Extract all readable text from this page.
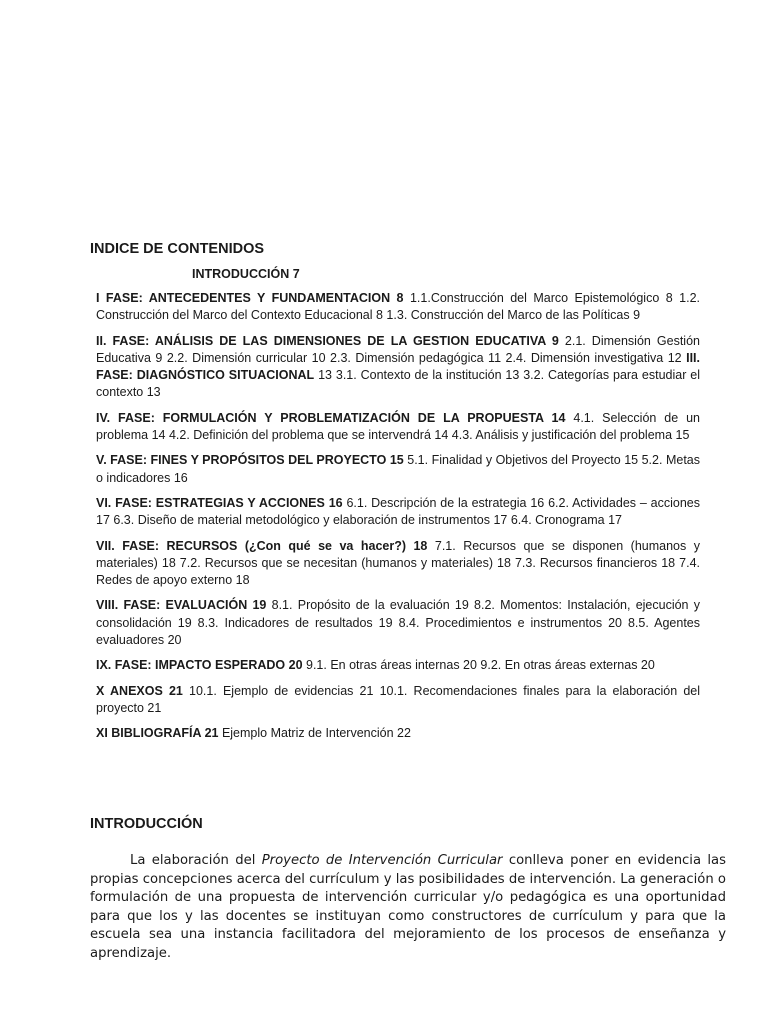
INDICE DE CONTENIDOS
INTRODUCCIÓN 7

I FASE: ANTECEDENTES Y FUNDAMENTACION 8 1.1.Construcción del Marco Epistemológico 8 1.2. Construcción del Marco del Contexto Educacional 8 1.3. Construcción del Marco de las Políticas 9

II. FASE: ANÁLISIS DE LAS DIMENSIONES DE LA GESTION EDUCATIVA 9 2.1. Dimensión Gestión Educativa 9 2.2. Dimensión curricular 10 2.3. Dimensión pedagógica 11 2.4. Dimensión investigativa 12 III. FASE: DIAGNÓSTICO SITUACIONAL 13 3.1. Contexto de la institución 13 3.2. Categorías para estudiar el contexto 13

IV. FASE: FORMULACIÓN Y PROBLEMATIZACIÓN DE LA PROPUESTA 14 4.1. Selección de un problema 14 4.2. Definición del problema que se intervendrá 14 4.3. Análisis y justificación del problema 15

V. FASE: FINES Y PROPÓSITOS DEL PROYECTO 15 5.1. Finalidad y Objetivos del Proyecto 15 5.2. Metas o indicadores 16

VI. FASE: ESTRATEGIAS Y ACCIONES 16 6.1. Descripción de la estrategia 16 6.2. Actividades – acciones 17 6.3. Diseño de material metodológico y elaboración de instrumentos 17 6.4. Cronograma 17

VII. FASE: RECURSOS (¿Con qué se va hacer?) 18 7.1. Recursos que se disponen (humanos y materiales) 18 7.2. Recursos que se necesitan (humanos y materiales) 18 7.3. Recursos financieros 18 7.4. Redes de apoyo externo 18

VIII. FASE: EVALUACIÓN 19 8.1. Propósito de la evaluación 19 8.2. Momentos: Instalación, ejecución y consolidación 19 8.3. Indicadores de resultados 19 8.4. Procedimientos e instrumentos 20 8.5. Agentes evaluadores 20

IX. FASE: IMPACTO ESPERADO 20 9.1. En otras áreas internas 20 9.2. En otras áreas externas 20

X ANEXOS 21 10.1. Ejemplo de evidencias 21 10.1. Recomendaciones finales para la elaboración del proyecto 21

XI BIBLIOGRAFÍA 21 Ejemplo Matriz de Intervención 22

INTRODUCCIÓN

La elaboración del Proyecto de Intervención Curricular conlleva poner en evidencia las propias concepciones acerca del currículum y las posibilidades de intervención. La generación o formulación de una propuesta de intervención curricular y/o pedagógica es una oportunidad para que los y las docentes se instituyan como constructores de currículum y para que la escuela sea una instancia facilitadora del mejoramiento de los procesos de enseñanza y aprendizaje.
